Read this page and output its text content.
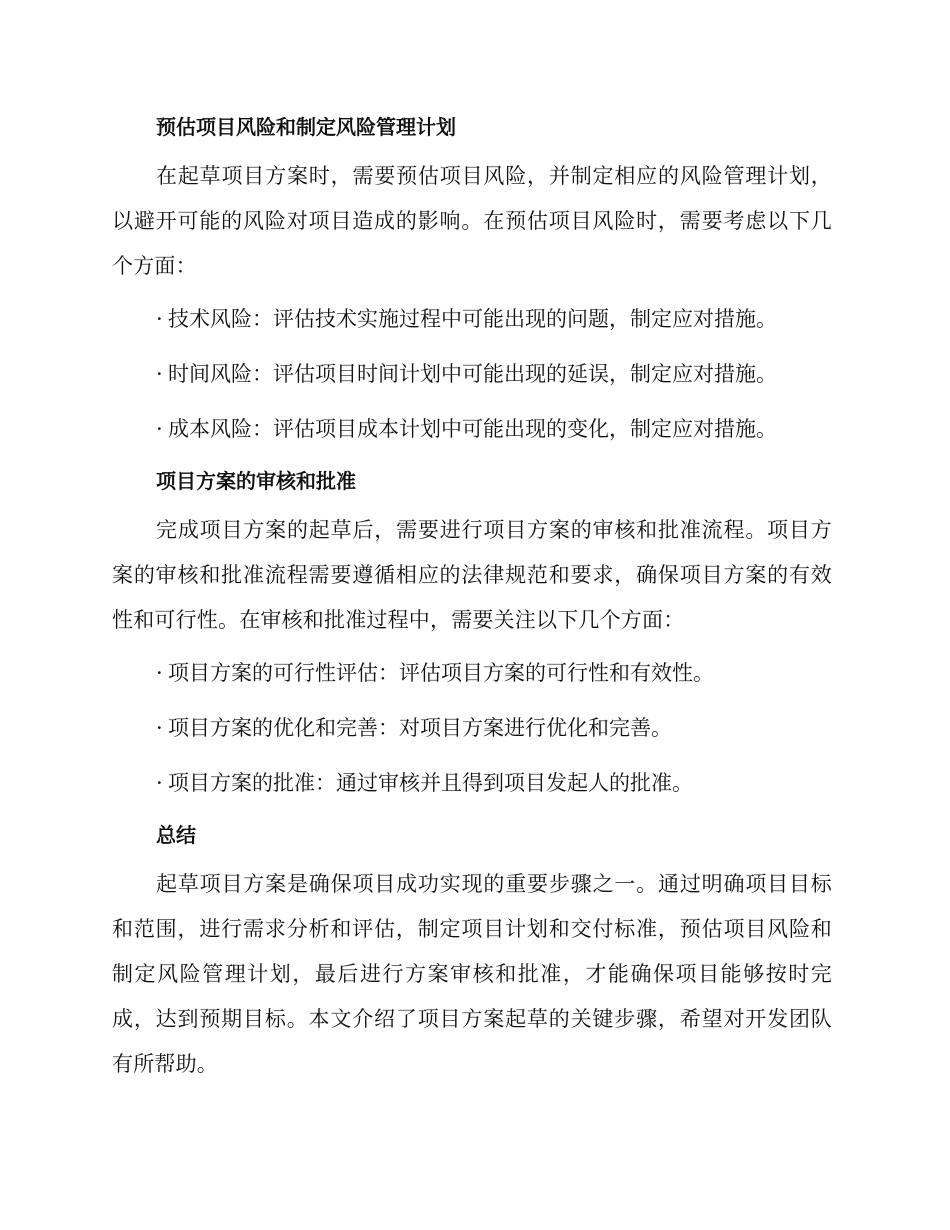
预估项目风险和制定风险管理计划

在起草项目方案时，需要预估项目风险，并制定相应的风险管理计划，以避开可能的风险对项目造成的影响。在预估项目风险时，需要考虑以下几个方面：

· 技术风险：评估技术实施过程中可能出现的问题，制定应对措施。
· 时间风险：评估项目时间计划中可能出现的延误，制定应对措施。
· 成本风险：评估项目成本计划中可能出现的变化，制定应对措施。
项目方案的审核和批准

完成项目方案的起草后，需要进行项目方案的审核和批准流程。项目方案的审核和批准流程需要遵循相应的法律规范和要求，确保项目方案的有效性和可行性。在审核和批准过程中，需要关注以下几个方面：

· 项目方案的可行性评估：评估项目方案的可行性和有效性。
· 项目方案的优化和完善：对项目方案进行优化和完善。
· 项目方案的批准：通过审核并且得到项目发起人的批准。
总结

起草项目方案是确保项目成功实现的重要步骤之一。通过明确项目目标和范围，进行需求分析和评估，制定项目计划和交付标准，预估项目风险和制定风险管理计划，最后进行方案审核和批准，才能确保项目能够按时完成，达到预期目标。本文介绍了项目方案起草的关键步骤，希望对开发团队有所帮助。
